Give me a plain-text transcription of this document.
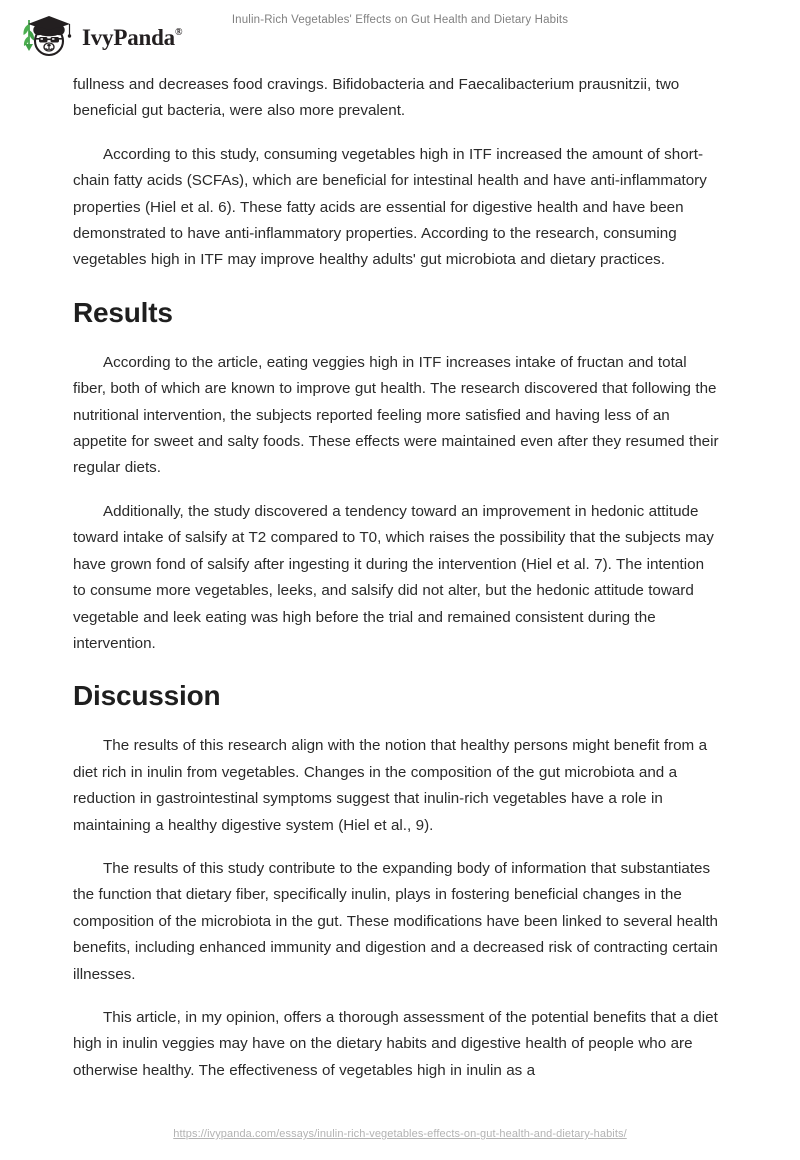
IvyPanda®
Inulin-Rich Vegetables' Effects on Gut Health and Dietary Habits

fullness and decreases food cravings. Bifidobacteria and Faecalibacterium prausnitzii, two beneficial gut bacteria, were also more prevalent.

According to this study, consuming vegetables high in ITF increased the amount of short-chain fatty acids (SCFAs), which are beneficial for intestinal health and have anti-inflammatory properties (Hiel et al. 6). These fatty acids are essential for digestive health and have been demonstrated to have anti-inflammatory properties. According to the research, consuming vegetables high in ITF may improve healthy adults' gut microbiota and dietary practices.

Results

According to the article, eating veggies high in ITF increases intake of fructan and total fiber, both of which are known to improve gut health. The research discovered that following the nutritional intervention, the subjects reported feeling more satisfied and having less of an appetite for sweet and salty foods. These effects were maintained even after they resumed their regular diets.

Additionally, the study discovered a tendency toward an improvement in hedonic attitude toward intake of salsify at T2 compared to T0, which raises the possibility that the subjects may have grown fond of salsify after ingesting it during the intervention (Hiel et al. 7). The intention to consume more vegetables, leeks, and salsify did not alter, but the hedonic attitude toward vegetable and leek eating was high before the trial and remained consistent during the intervention.

Discussion

The results of this research align with the notion that healthy persons might benefit from a diet rich in inulin from vegetables. Changes in the composition of the gut microbiota and a reduction in gastrointestinal symptoms suggest that inulin-rich vegetables have a role in maintaining a healthy digestive system (Hiel et al., 9).

The results of this study contribute to the expanding body of information that substantiates the function that dietary fiber, specifically inulin, plays in fostering beneficial changes in the composition of the microbiota in the gut. These modifications have been linked to several health benefits, including enhanced immunity and digestion and a decreased risk of contracting certain illnesses.

This article, in my opinion, offers a thorough assessment of the potential benefits that a diet high in inulin veggies may have on the dietary habits and digestive health of people who are otherwise healthy. The effectiveness of vegetables high in inulin as a

https://ivypanda.com/essays/inulin-rich-vegetables-effects-on-gut-health-and-dietary-habits/
